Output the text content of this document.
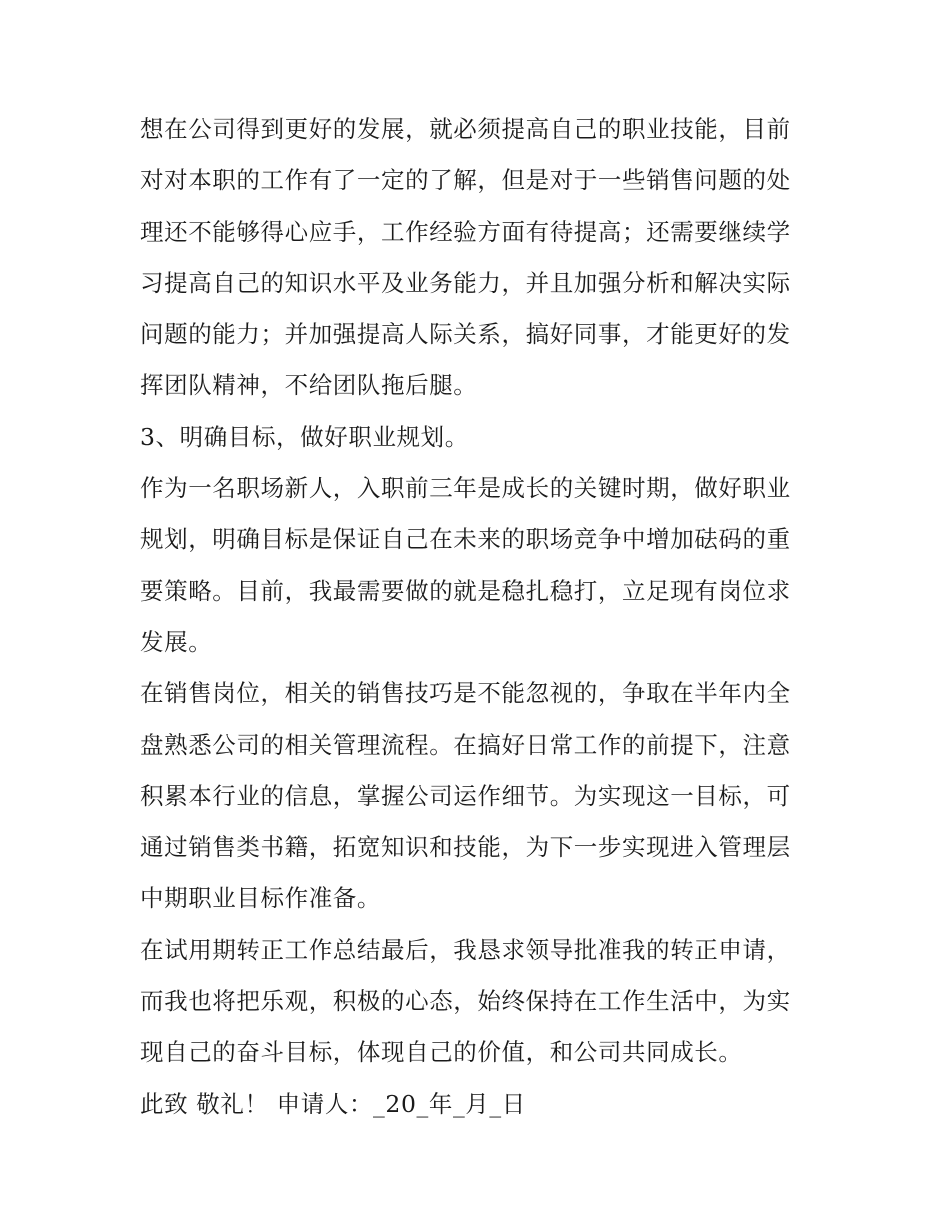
想在公司得到更好的发展，就必须提高自己的职业技能，目前
对对本职的工作有了一定的了解，但是对于一些销售问题的处
理还不能够得心应手，工作经验方面有待提高；还需要继续学
习提高自己的知识水平及业务能力，并且加强分析和解决实际
问题的能力；并加强提高人际关系，搞好同事，才能更好的发
挥团队精神，不给团队拖后腿。
3、明确目标，做好职业规划。
作为一名职场新人，入职前三年是成长的关键时期，做好职业
规划，明确目标是保证自己在未来的职场竞争中增加砝码的重
要策略。目前，我最需要做的就是稳扎稳打，立足现有岗位求
发展。
在销售岗位，相关的销售技巧是不能忽视的，争取在半年内全
盘熟悉公司的相关管理流程。在搞好日常工作的前提下，注意
积累本行业的信息，掌握公司运作细节。为实现这一目标，可
通过销售类书籍，拓宽知识和技能，为下一步实现进入管理层
中期职业目标作准备。
在试用期转正工作总结最后，我恳求领导批准我的转正申请，
而我也将把乐观，积极的心态，始终保持在工作生活中，为实
现自己的奋斗目标，体现自己的价值，和公司共同成长。
此致 敬礼！ 申请人：_20_年_月_日
